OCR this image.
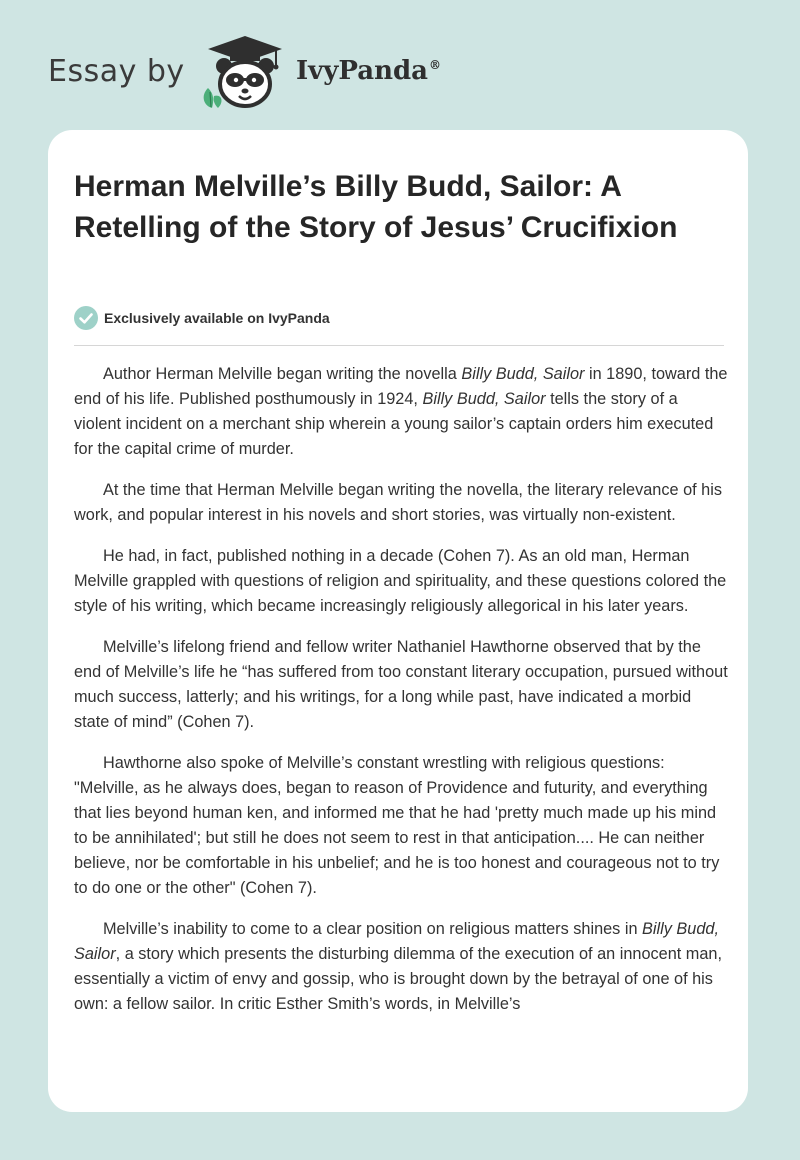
Essay by	IvyPanda®
Herman Melville’s Billy Budd, Sailor: A Retelling of the Story of Jesus’ Crucifixion
Exclusively available on IvyPanda

Author Herman Melville began writing the novella Billy Budd, Sailor in 1890, toward the end of his life. Published posthumously in 1924, Billy Budd, Sailor tells the story of a violent incident on a merchant ship wherein a young sailor’s captain orders him executed for the capital crime of murder.

At the time that Herman Melville began writing the novella, the literary relevance of his work, and popular interest in his novels and short stories, was virtually non-existent.

He had, in fact, published nothing in a decade (Cohen 7). As an old man, Herman Melville grappled with questions of religion and spirituality, and these questions colored the style of his writing, which became increasingly religiously allegorical in his later years.

Melville’s lifelong friend and fellow writer Nathaniel Hawthorne observed that by the end of Melville’s life he “has suffered from too constant literary occupation, pursued without much success, latterly; and his writings, for a long while past, have indicated a morbid state of mind” (Cohen 7).

Hawthorne also spoke of Melville’s constant wrestling with religious questions: "Melville, as he always does, began to reason of Providence and futurity, and everything that lies beyond human ken, and informed me that he had 'pretty much made up his mind to be annihilated'; but still he does not seem to rest in that anticipation.... He can neither believe, nor be comfortable in his unbelief; and he is too honest and courageous not to try to do one or the other" (Cohen 7).

Melville’s inability to come to a clear position on religious matters shines in Billy Budd, Sailor, a story which presents the disturbing dilemma of the execution of an innocent man, essentially a victim of envy and gossip, who is brought down by the betrayal of one of his own: a fellow sailor. In critic Esther Smith’s words, in Melville’s
